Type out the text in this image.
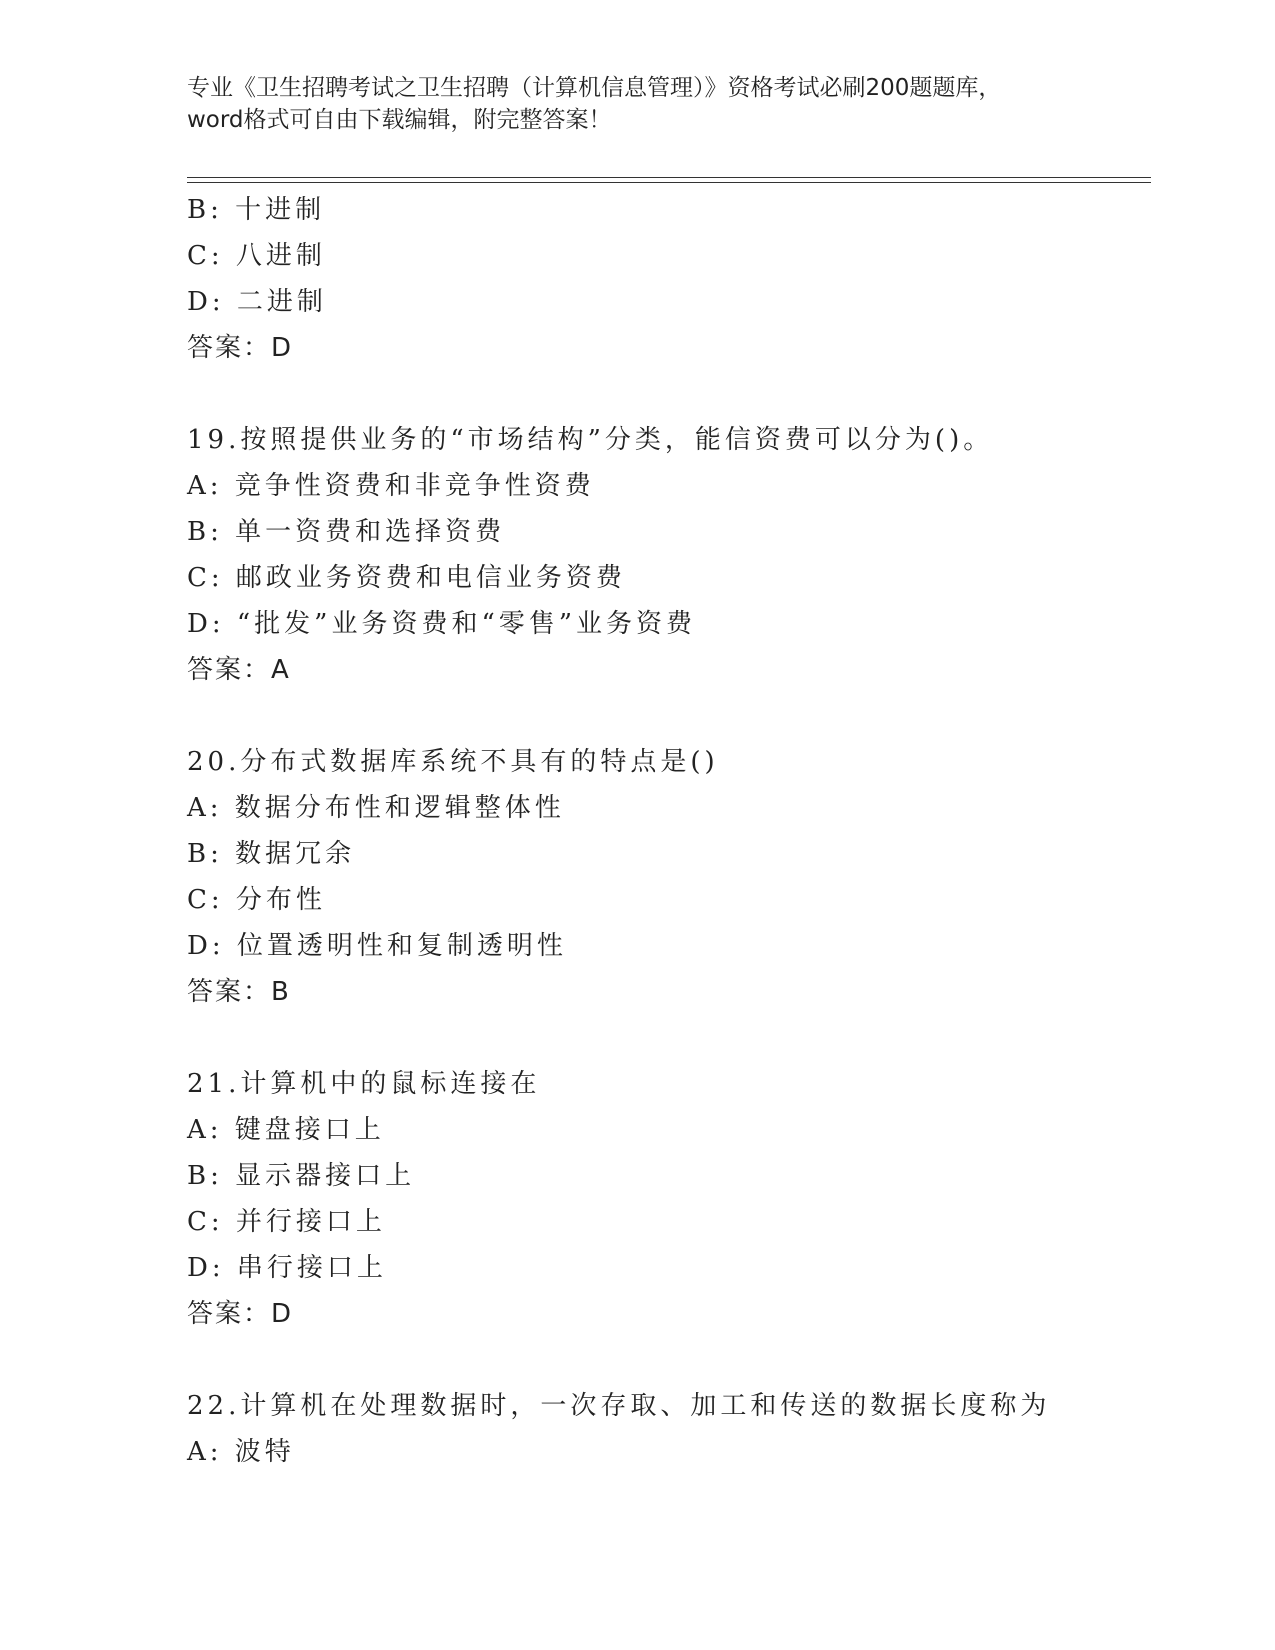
专业《卫生招聘考试之卫生招聘（计算机信息管理）》资格考试必刷200题题库，
word格式可自由下载编辑，附完整答案！
B: 十进制
C: 八进制
D: 二进制
答案：D
19.按照提供业务的“市场结构”分类，能信资费可以分为()。
A: 竞争性资费和非竞争性资费
B: 单一资费和选择资费
C: 邮政业务资费和电信业务资费
D: “批发”业务资费和“零售”业务资费
答案：A
20.分布式数据库系统不具有的特点是()
A: 数据分布性和逻辑整体性
B: 数据冗余
C: 分布性
D: 位置透明性和复制透明性
答案：B
21.计算机中的鼠标连接在
A: 键盘接口上
B: 显示器接口上
C: 并行接口上
D: 串行接口上
答案：D
22.计算机在处理数据时，一次存取、加工和传送的数据长度称为
A: 波特
